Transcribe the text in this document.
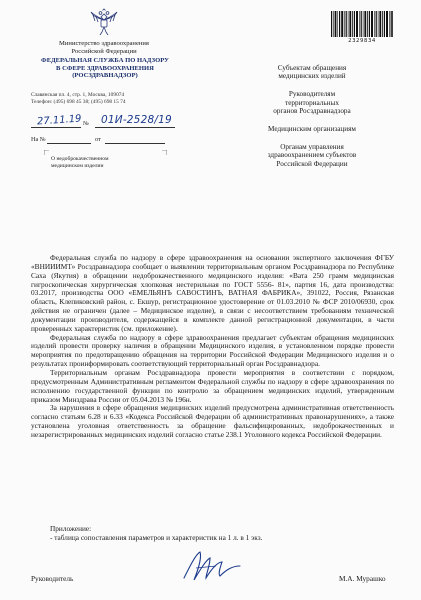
Министерство здравоохранения
Российской Федерации
ФЕДЕРАЛЬНАЯ СЛУЖБА ПО НАДЗОРУ
В СФЕРЕ ЗДРАВООХРАНЕНИЯ
(РОСЗДРАВНАДЗОР)
Славянская пл. 4, стр. 1, Москва, 109074
Телефон: (495) 698 45 38; (495) 698 15 74
27.11.19 № 01И-2528/19
На №	от
О недоброкачественном
медицинском изделии
2329834
Субъектам обращения
медицинских изделий
Руководителям
территориальных
органов Росздравнадзора
Медицинским организациям
Органам управления
здравоохранением субъектов
Российской Федерации

Федеральная служба по надзору в сфере здравоохранения на основании экспертного заключения ФГБУ «ВНИИИМТ» Росздравнадзора сообщает о выявлении территориальным органом Росздравнадзора по Республике Саха (Якутия) в обращении недоброкачественного медицинского изделия: «Вата 250 грамм медицинская гигроскопическая хирургическая хлопковая нестерильная по ГОСТ 5556- 81», партия 16, дата производства: 03.2017, производства ООО «ЕМЕЛЬЯНЪ САВОСТИНЪ, ВАТНАЯ ФАБРИКА», 391022, Россия, Рязанская область, Клепиковский район, с. Екшур, регистрационное удостоверение от 01.03.2010 № ФСР 2010/06930, срок действия не ограничен (далее – Медицинское изделие), в связи с несоответствием требованиям технической документации производителя, содержащейся в комплекте данной регистрационной документации, в части проверенных характеристик (см. приложение).

Федеральная служба по надзору в сфере здравоохранения предлагает субъектам обращения медицинских изделий провести проверку наличия в обращении Медицинского изделия, в установленном порядке провести мероприятия по предотвращению обращения на территории Российской Федерации Медицинского изделия и о результатах проинформировать соответствующий территориальный орган Росздравнадзора.

Территориальным органам Росздравнадзора провести мероприятия в соответствии с порядком, предусмотренным Административным регламентом Федеральной службы по надзору в сфере здравоохранения по исполнению государственной функции по контролю за обращением медицинских изделий, утвержденным приказом Минздрава России от 05.04.2013 № 196н.

За нарушения в сфере обращения медицинских изделий предусмотрена административная ответственность согласно статьям 6.28 и 6.33 «Кодекса Российской Федерации об административных правонарушениях», а также установлена уголовная ответственность за обращение фальсифицированных, недоброкачественных и незарегистрированных медицинских изделий согласно статье 238.1 Уголовного кодекса Российской Федерации.

Приложение:
- таблица сопоставления параметров и характеристик на 1 л. в 1 экз.
Руководитель	М.А. Мурашко
